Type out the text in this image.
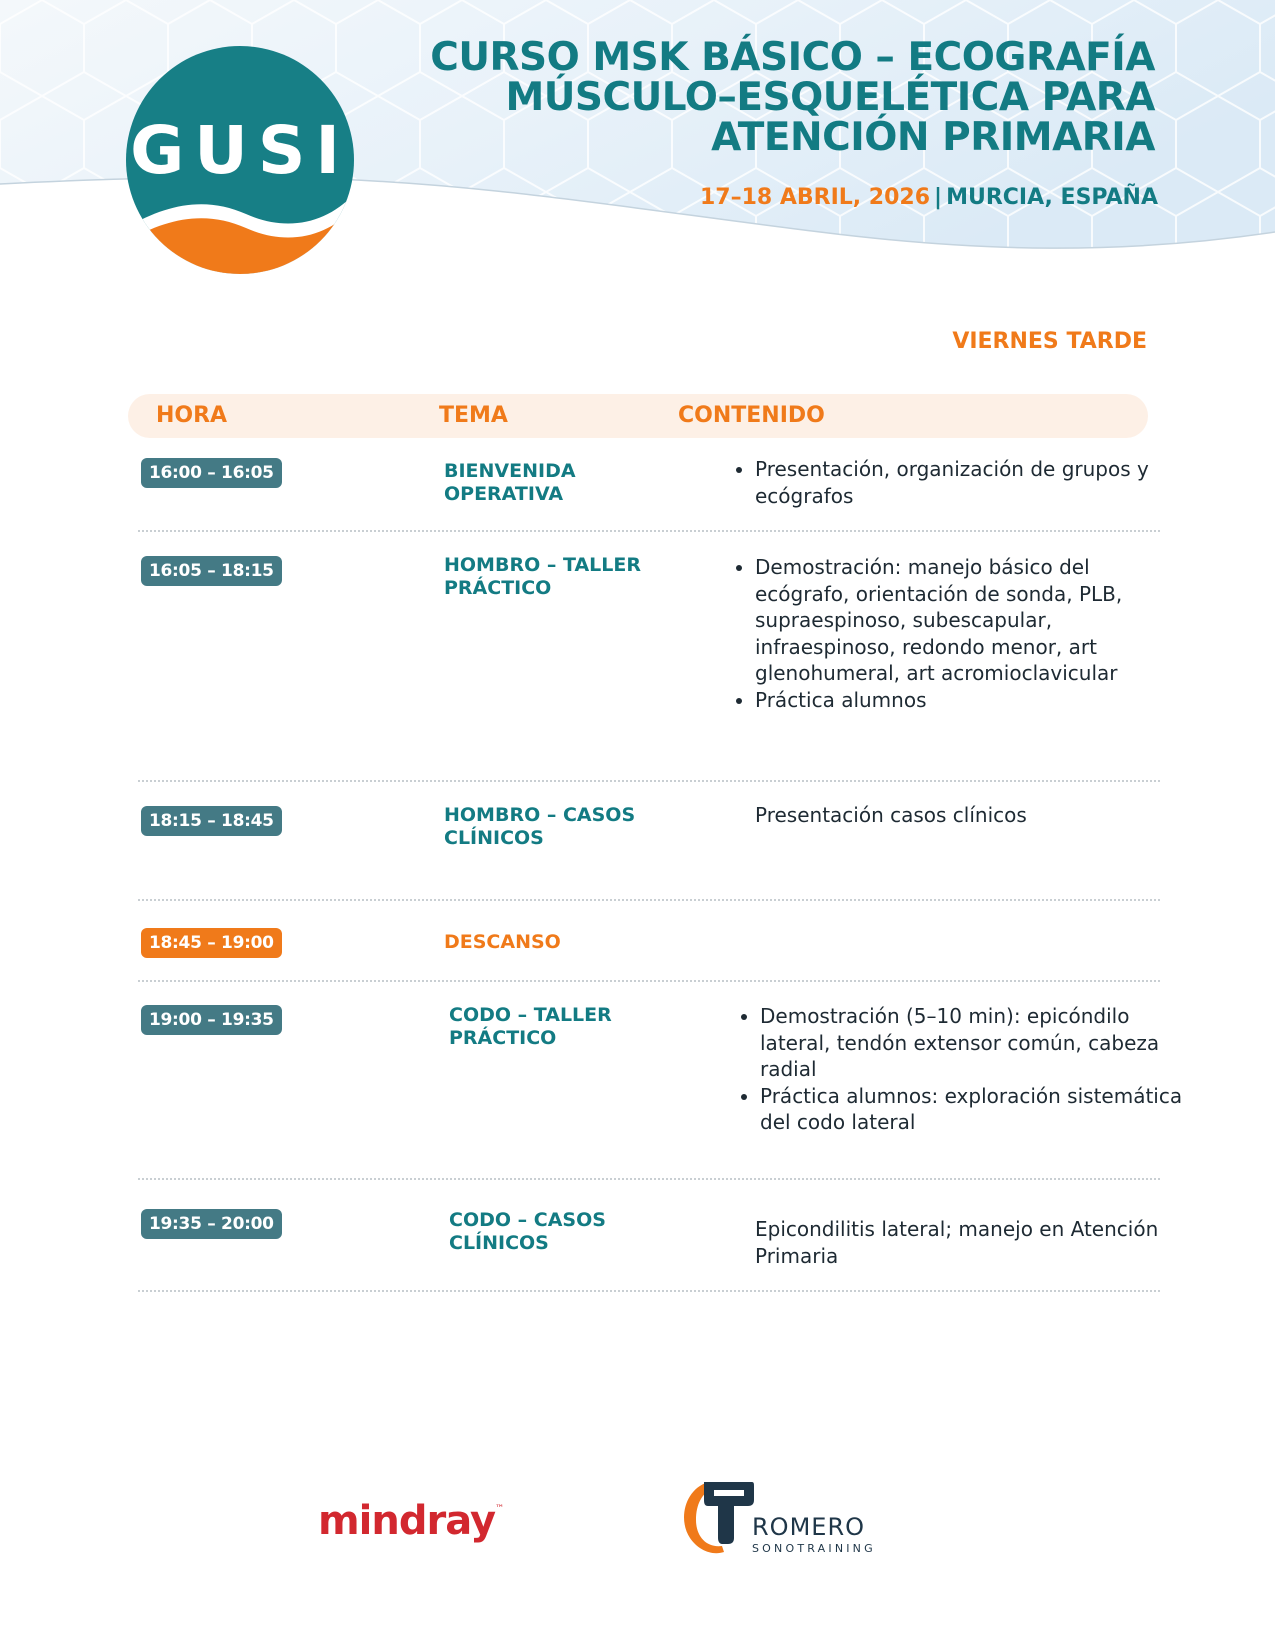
GUSI
CURSO MSK BÁSICO – ECOGRAFÍA
MÚSCULO–ESQUELÉTICA PARA
ATENCIÓN PRIMARIA
17–18 ABRIL, 2026 | MURCIA, ESPAÑA
VIERNES TARDE
HORA	TEMA	CONTENIDO
16:00 – 16:05	BIENVENIDA OPERATIVA
• Presentación, organización de grupos y ecógrafos
16:05 – 18:15	HOMBRO – TALLER PRÁCTICO
• Demostración: manejo básico del ecógrafo, orientación de sonda, PLB, supraespinoso, subescapular, infraespinoso, redondo menor, art glenohumeral, art acromioclavicular
• Práctica alumnos
18:15 – 18:45	HOMBRO – CASOS CLÍNICOS
Presentación casos clínicos
18:45 – 19:00	DESCANSO
19:00 – 19:35	CODO – TALLER PRÁCTICO
• Demostración (5–10 min): epicóndilo lateral, tendón extensor común, cabeza radial
• Práctica alumnos: exploración sistemática del codo lateral
19:35 – 20:00	CODO – CASOS CLÍNICOS
Epicondilitis lateral; manejo en Atención Primaria
mindray™
ROMERO
SONOTRAINING
